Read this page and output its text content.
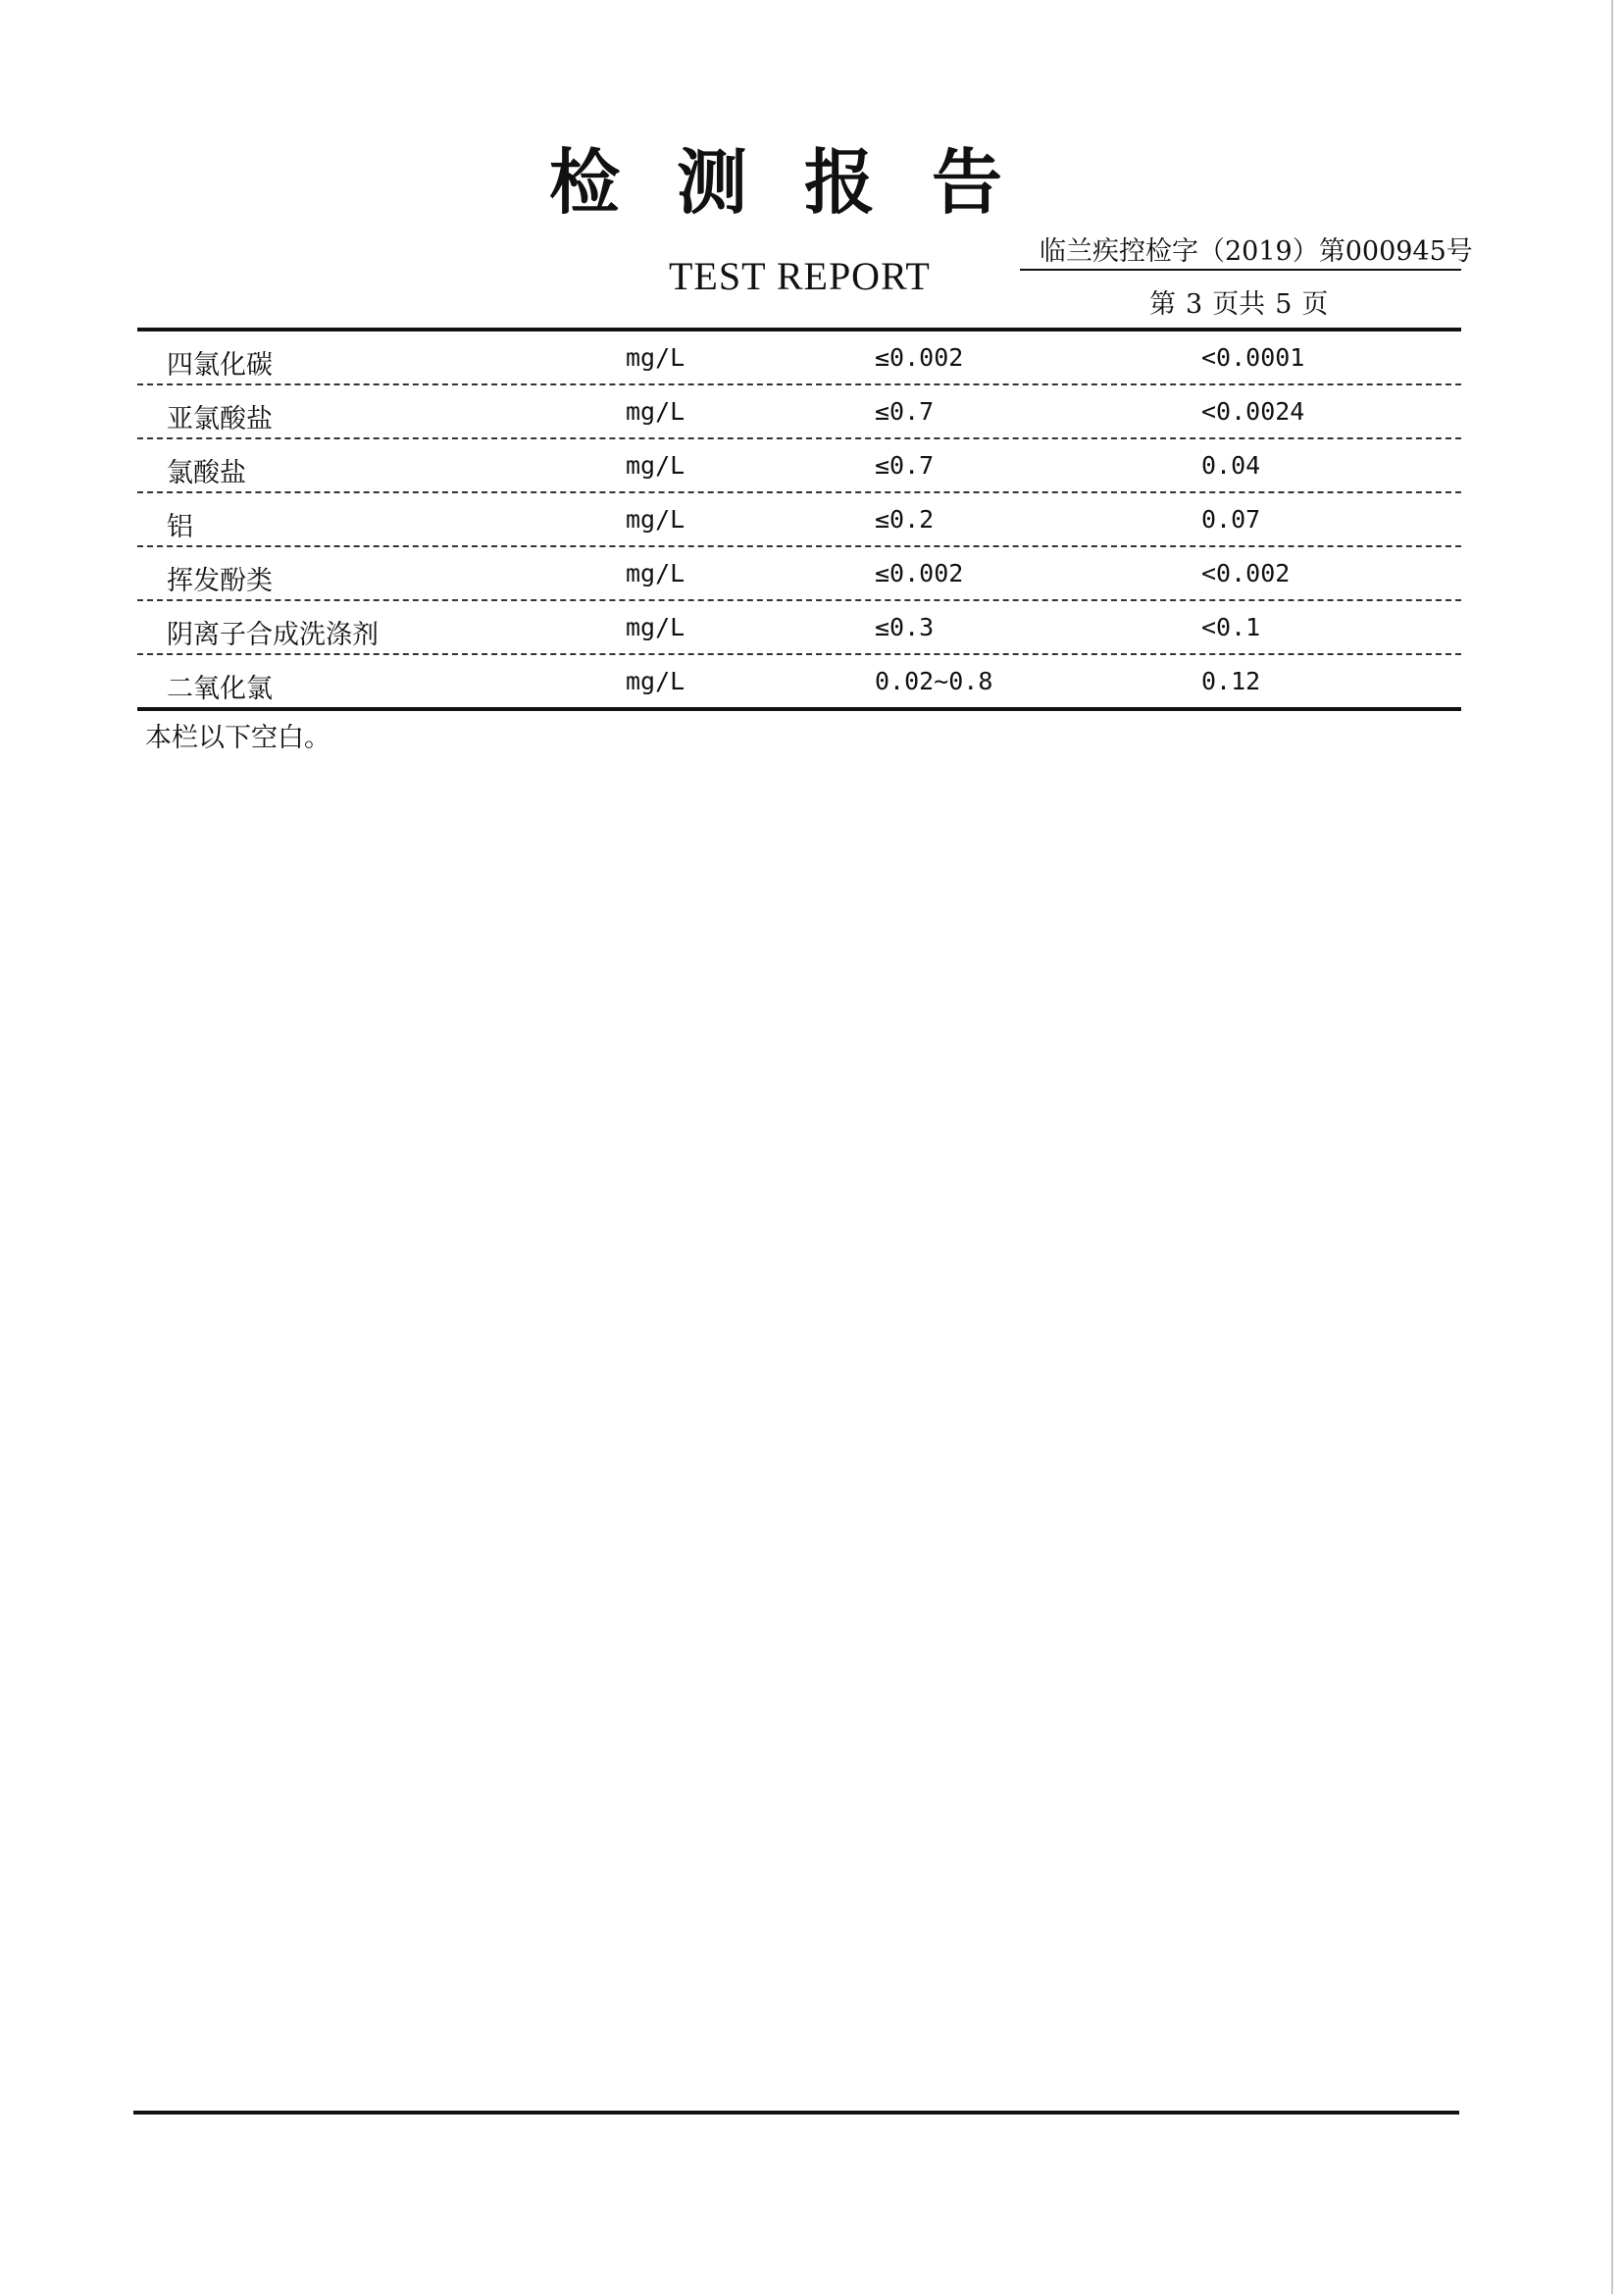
检测报告
TEST REPORT
临兰疾控检字（2019）第000945号
第 3 页共 5 页
四氯化碳	mg/L	≤0.002	<0.0001
亚氯酸盐	mg/L	≤0.7	<0.0024
氯酸盐	mg/L	≤0.7	0.04
铝	mg/L	≤0.2	0.07
挥发酚类	mg/L	≤0.002	<0.002
阴离子合成洗涤剂	mg/L	≤0.3	<0.1
二氧化氯	mg/L	0.02~0.8	0.12
本栏以下空白。
